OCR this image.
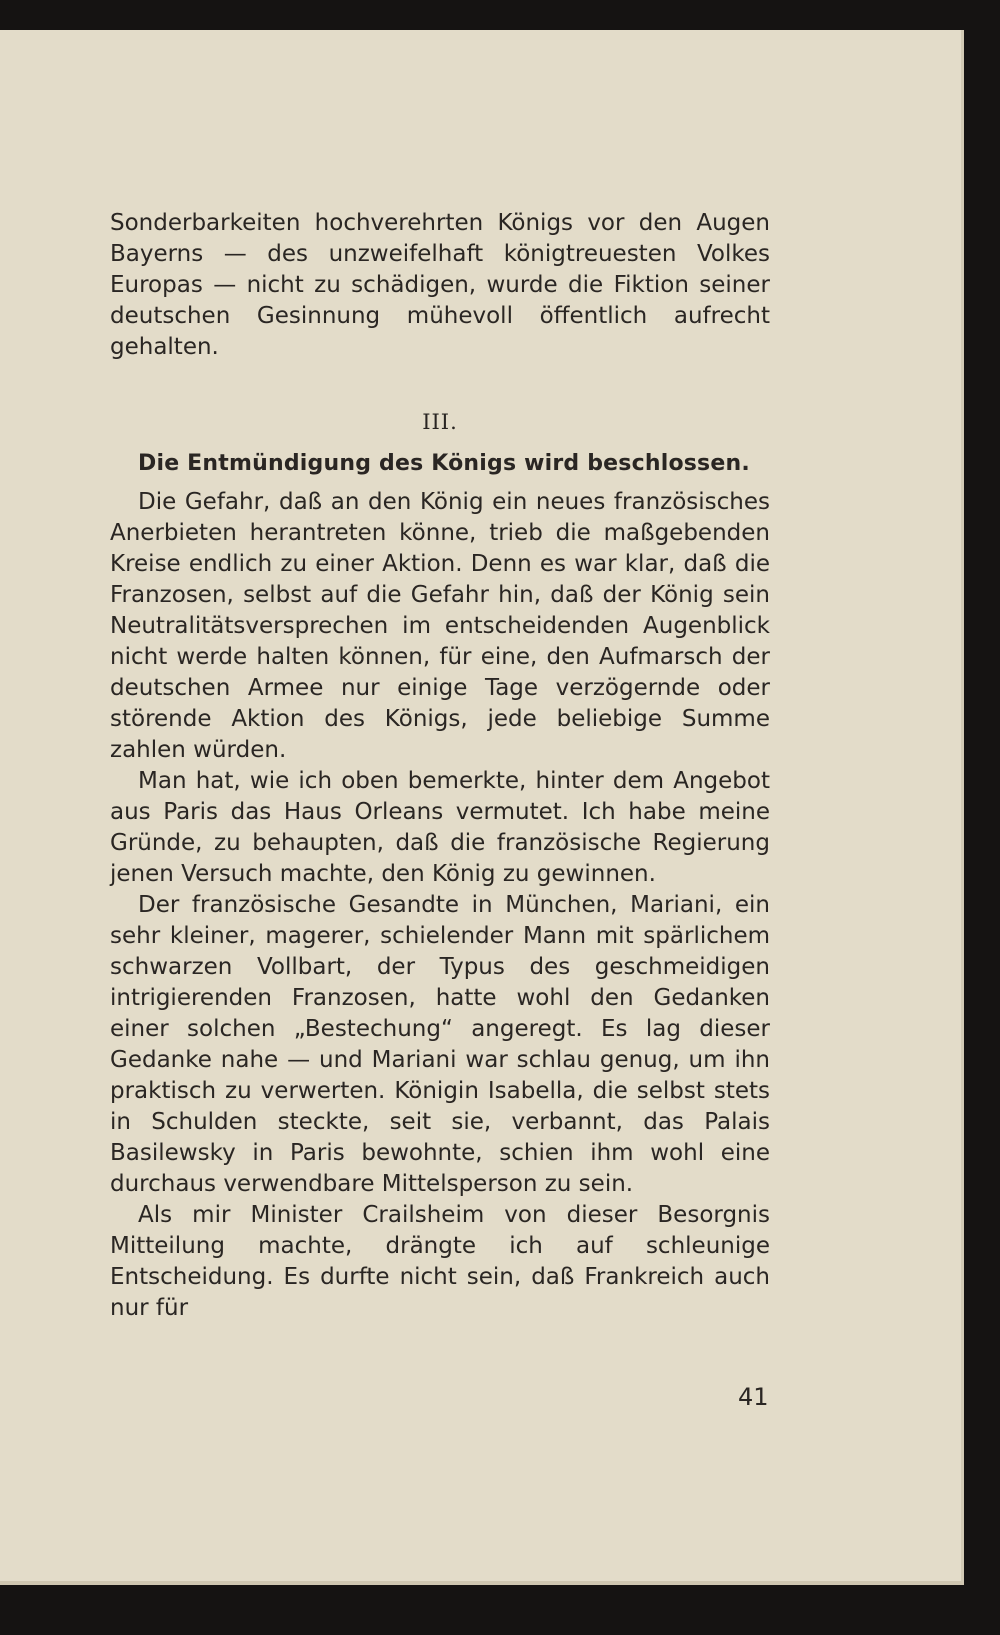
Sonderbarkeiten hochverehrten Königs vor den Augen Bayerns — des unzweifelhaft königtreuesten Volkes Europas — nicht zu schädigen, wurde die Fiktion seiner deutschen Gesinnung mühevoll öffentlich aufrecht gehalten.

III.
Die Entmündigung des Königs wird beschlossen.

Die Gefahr, daß an den König ein neues französisches Anerbieten herantreten könne, trieb die maßgebenden Kreise endlich zu einer Aktion. Denn es war klar, daß die Franzosen, selbst auf die Gefahr hin, daß der König sein Neutralitätsversprechen im entscheidenden Augenblick nicht werde halten können, für eine, den Aufmarsch der deutschen Armee nur einige Tage verzögernde oder störende Aktion des Königs, jede beliebige Summe zahlen würden.

Man hat, wie ich oben bemerkte, hinter dem Angebot aus Paris das Haus Orleans vermutet. Ich habe meine Gründe, zu behaupten, daß die französische Regierung jenen Versuch machte, den König zu gewinnen.

Der französische Gesandte in München, Mariani, ein sehr kleiner, magerer, schielender Mann mit spärlichem schwarzen Vollbart, der Typus des geschmeidigen intrigierenden Franzosen, hatte wohl den Gedanken einer solchen „Bestechung“ angeregt. Es lag dieser Gedanke nahe — und Mariani war schlau genug, um ihn praktisch zu verwerten. Königin Isabella, die selbst stets in Schulden steckte, seit sie, verbannt, das Palais Basilewsky in Paris bewohnte, schien ihm wohl eine durchaus verwendbare Mittelsperson zu sein.

Als mir Minister Crailsheim von dieser Besorgnis Mitteilung machte, drängte ich auf schleunige Entscheidung. Es durfte nicht sein, daß Frankreich auch nur für

41
